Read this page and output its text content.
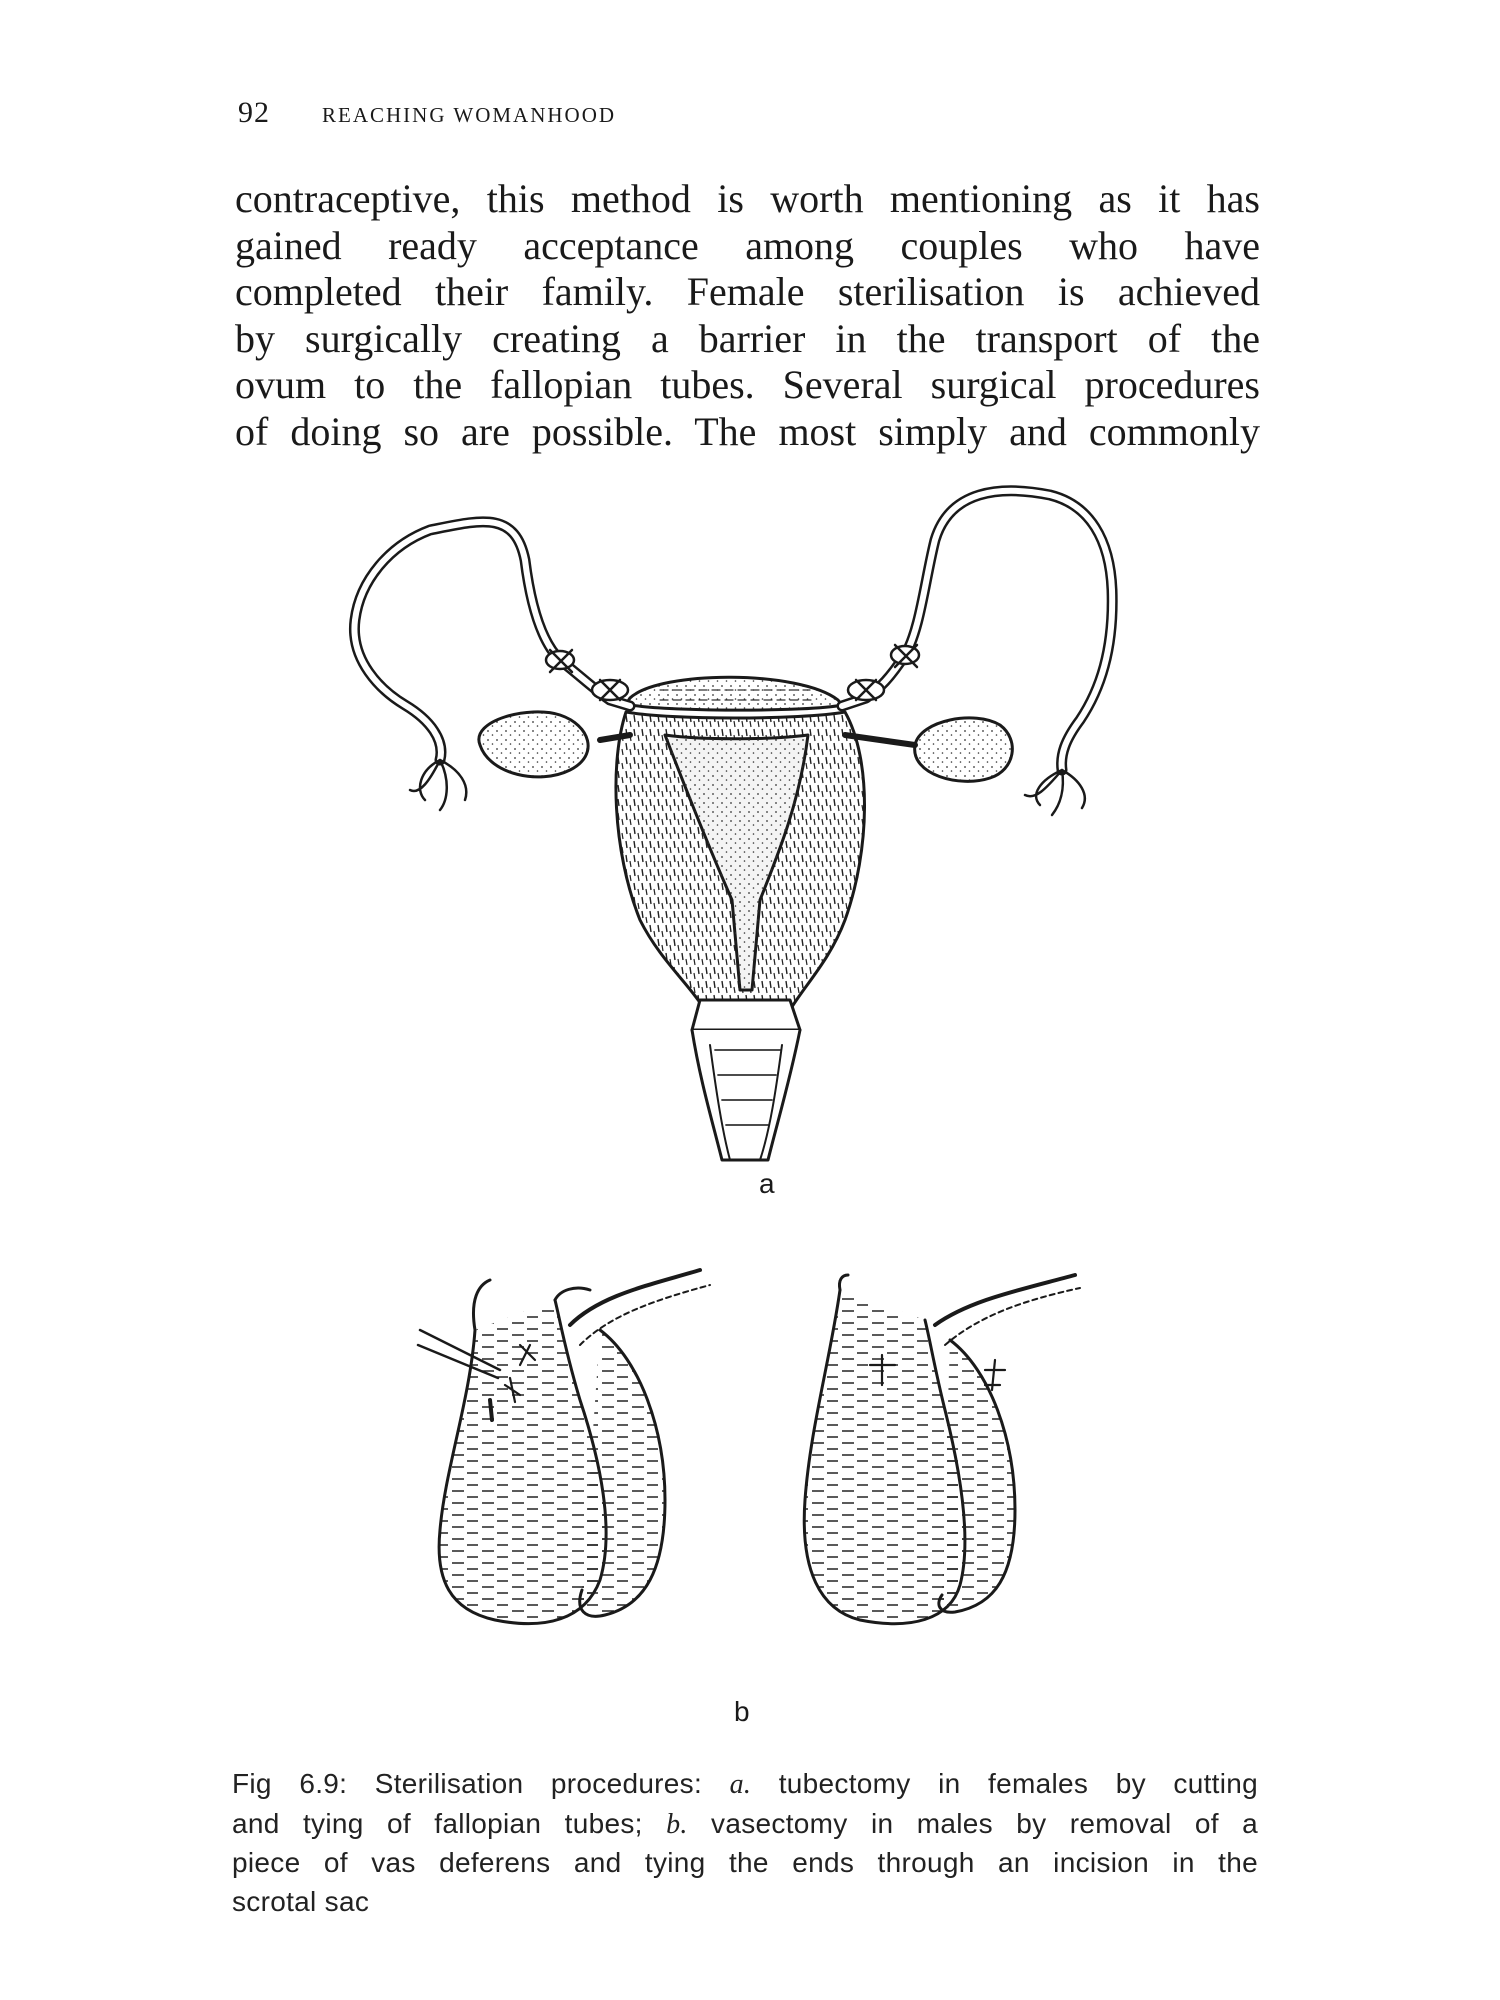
92 REACHING WOMANHOOD

contraceptive, this method is worth mentioning as it has
gained ready acceptance among couples who have
completed their family. Female sterilisation is achieved
by surgically creating a barrier in the transport of the
ovum to the fallopian tubes. Several surgical procedures
of doing so are possible. The most simply and commonly

a
b

Fig 6.9: Sterilisation procedures: a. tubectomy in females by cutting
and tying of fallopian tubes; b. vasectomy in males by removal of a
piece of vas deferens and tying the ends through an incision in the
scrotal sac
